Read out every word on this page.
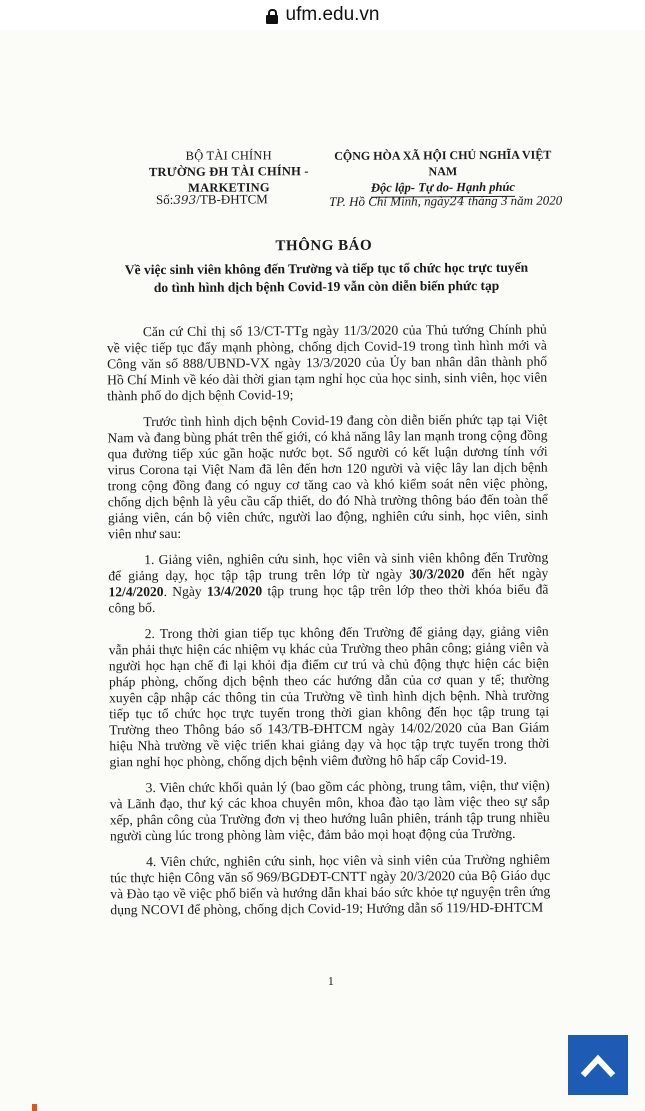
ufm.edu.vn
BỘ TÀI CHÍNH
TRƯỜNG ĐH TÀI CHÍNH - MARKETING
CỘNG HÒA XÃ HỘI CHỦ NGHĨA VIỆT NAM
Độc lập- Tự do- Hạnh phúc
Số:393/TB-ĐHTCM	TP. Hồ Chí Minh, ngày24 tháng 3 năm 2020
THÔNG BÁO
Về việc sinh viên không đến Trường và tiếp tục tổ chức học trực tuyến
do tình hình dịch bệnh Covid-19 vẫn còn diễn biến phức tạp

Căn cứ Chỉ thị số 13/CT-TTg ngày 11/3/2020 của Thủ tướng Chính phủ về việc tiếp tục đẩy mạnh phòng, chống dịch Covid-19 trong tình hình mới và Công văn số 888/UBND-VX ngày 13/3/2020 của Ủy ban nhân dân thành phố Hồ Chí Minh về kéo dài thời gian tạm nghỉ học của học sinh, sinh viên, học viên thành phố do dịch bệnh Covid-19;

Trước tình hình dịch bệnh Covid-19 đang còn diễn biến phức tạp tại Việt Nam và đang bùng phát trên thế giới, có khả năng lây lan mạnh trong cộng đồng qua đường tiếp xúc gần hoặc nước bọt. Số người có kết luận dương tính với virus Corona tại Việt Nam đã lên đến hơn 120 người và việc lây lan dịch bệnh trong cộng đồng đang có nguy cơ tăng cao và khó kiểm soát nên việc phòng, chống dịch bệnh là yêu cầu cấp thiết, do đó Nhà trường thông báo đến toàn thể giảng viên, cán bộ viên chức, người lao động, nghiên cứu sinh, học viên, sinh viên như sau:

1. Giảng viên, nghiên cứu sinh, học viên và sinh viên không đến Trường để giảng dạy, học tập tập trung trên lớp từ ngày 30/3/2020 đến hết ngày 12/4/2020. Ngày 13/4/2020 tập trung học tập trên lớp theo thời khóa biểu đã công bố.

2. Trong thời gian tiếp tục không đến Trường để giảng dạy, giảng viên vẫn phải thực hiện các nhiệm vụ khác của Trường theo phân công; giảng viên và người học hạn chế đi lại khỏi địa điểm cư trú và chủ động thực hiện các biện pháp phòng, chống dịch bệnh theo các hướng dẫn của cơ quan y tế; thường xuyên cập nhập các thông tin của Trường về tình hình dịch bệnh. Nhà trường tiếp tục tổ chức học trực tuyến trong thời gian không đến học tập trung tại Trường theo Thông báo số 143/TB-ĐHTCM ngày 14/02/2020 của Ban Giám hiệu Nhà trường về việc triển khai giảng dạy và học tập trực tuyến trong thời gian nghỉ học phòng, chống dịch bệnh viêm đường hô hấp cấp Covid-19.

3. Viên chức khối quản lý (bao gồm các phòng, trung tâm, viện, thư viện) và Lãnh đạo, thư ký các khoa chuyên môn, khoa đào tạo làm việc theo sự sắp xếp, phân công của Trường đơn vị theo hướng luân phiên, tránh tập trung nhiều người cùng lúc trong phòng làm việc, đảm bảo mọi hoạt động của Trường.

4. Viên chức, nghiên cứu sinh, học viên và sinh viên của Trường nghiêm túc thực hiện Công văn số 969/BGDĐT-CNTT ngày 20/3/2020 của Bộ Giáo dục và Đào tạo về việc phổ biến và hướng dẫn khai báo sức khỏe tự nguyện trên ứng dụng NCOVI để phòng, chống dịch Covid-19; Hướng dẫn số 119/HD-ĐHTCM

1
